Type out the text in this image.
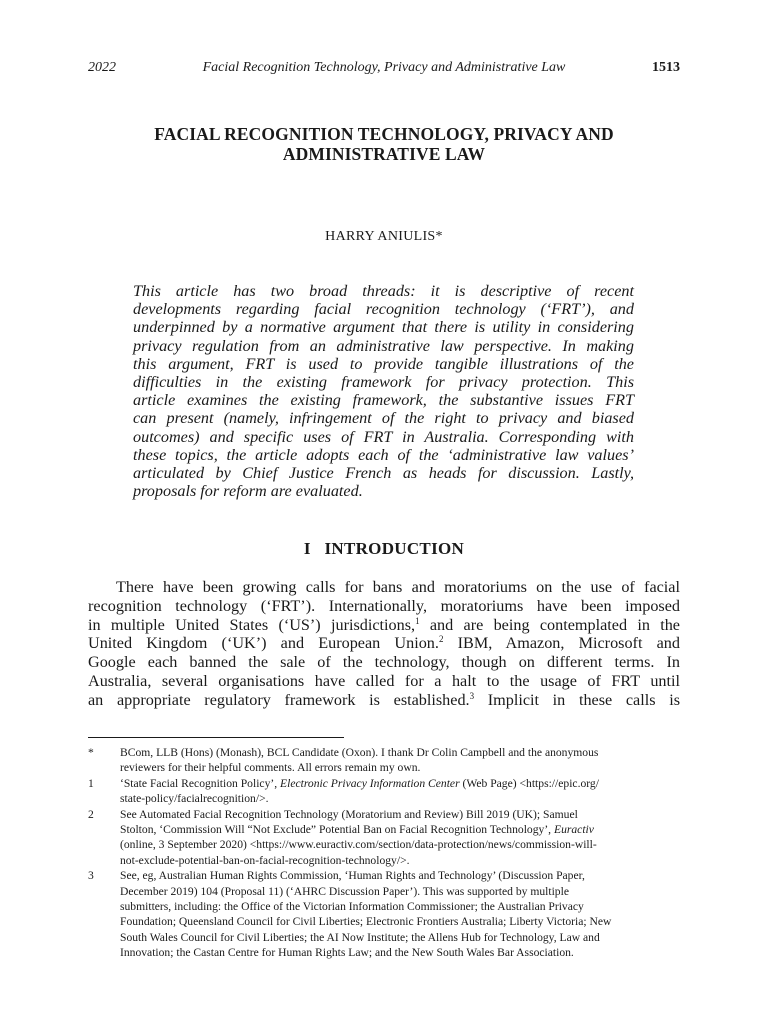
2022	Facial Recognition Technology, Privacy and Administrative Law	1513
FACIAL RECOGNITION TECHNOLOGY, PRIVACY AND
ADMINISTRATIVE LAW
HARRY ANIULIS*
This article has two broad threads: it is descriptive of recent
developments regarding facial recognition technology (‘FRT’), and
underpinned by a normative argument that there is utility in considering
privacy regulation from an administrative law perspective. In making
this argument, FRT is used to provide tangible illustrations of the
difficulties in the existing framework for privacy protection. This
article examines the existing framework, the substantive issues FRT
can present (namely, infringement of the right to privacy and biased
outcomes) and specific uses of FRT in Australia. Corresponding with
these topics, the article adopts each of the ‘administrative law values’
articulated by Chief Justice French as heads for discussion. Lastly,
proposals for reform are evaluated.
I   INTRODUCTION
There have been growing calls for bans and moratoriums on the use of facial
recognition technology (‘FRT’). Internationally, moratoriums have been imposed
in multiple United States (‘US’) jurisdictions,$^1$ and are being contemplated in the
United Kingdom (‘UK’) and European Union.$^2$ IBM, Amazon, Microsoft and
Google each banned the sale of the technology, though on different terms. In
Australia, several organisations have called for a halt to the usage of FRT until
an appropriate regulatory framework is established.$^3$ Implicit in these calls is
* BCom, LLB (Hons) (Monash), BCL Candidate (Oxon). I thank Dr Colin Campbell and the anonymous
reviewers for their helpful comments. All errors remain my own.
1 ‘State Facial Recognition Policy’, Electronic Privacy Information Center (Web Page) <https://epic.org/
state-policy/facialrecognition/>.
2 See Automated Facial Recognition Technology (Moratorium and Review) Bill 2019 (UK); Samuel
Stolton, ‘Commission Will “Not Exclude” Potential Ban on Facial Recognition Technology’, Euractiv
(online, 3 September 2020) <https://www.euractiv.com/section/data-protection/news/commission-will-
not-exclude-potential-ban-on-facial-recognition-technology/>.
3 See, eg, Australian Human Rights Commission, ‘Human Rights and Technology’ (Discussion Paper,
December 2019) 104 (Proposal 11) (‘AHRC Discussion Paper’). This was supported by multiple
submitters, including: the Office of the Victorian Information Commissioner; the Australian Privacy
Foundation; Queensland Council for Civil Liberties; Electronic Frontiers Australia; Liberty Victoria; New
South Wales Council for Civil Liberties; the AI Now Institute; the Allens Hub for Technology, Law and
Innovation; the Castan Centre for Human Rights Law; and the New South Wales Bar Association.
